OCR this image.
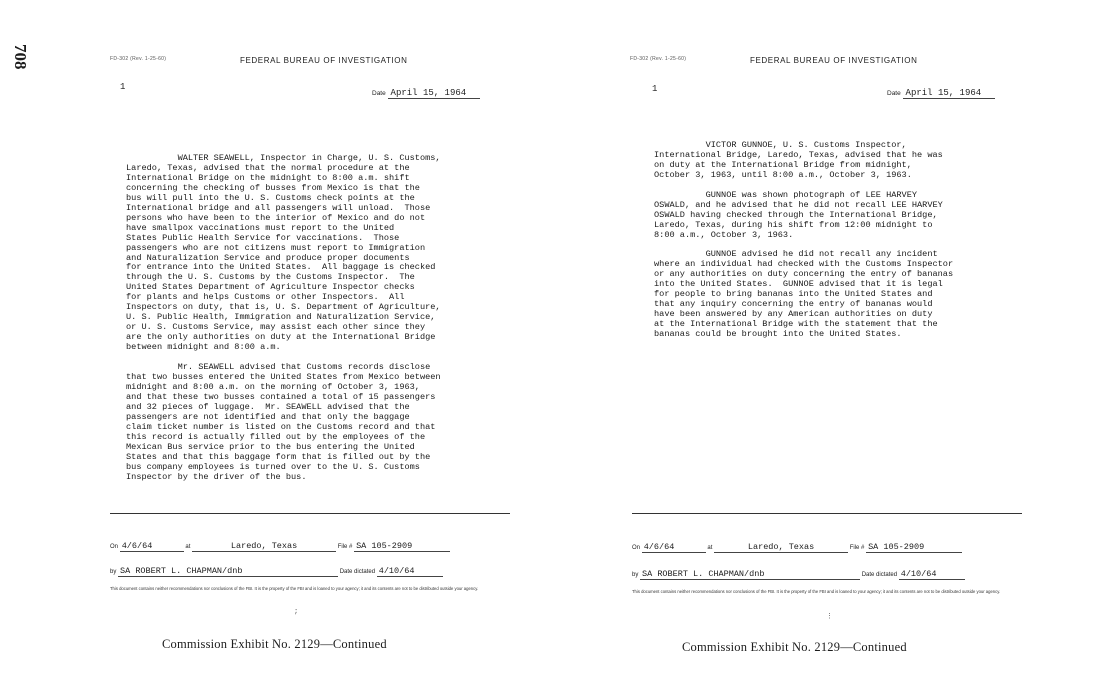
708	FD-302 (Rev. 1-25-60)	FEDERAL BUREAU OF INVESTIGATION
1
Date April 15, 1964
WALTER SEAWELL, Inspector in Charge, U. S. Customs,
Laredo, Texas, advised that the normal procedure at the
International Bridge on the midnight to 8:00 a.m. shift
concerning the checking of busses from Mexico is that the
bus will pull into the U. S. Customs check points at the
International bridge and all passengers will unload.  Those
persons who have been to the interior of Mexico and do not
have smallpox vaccinations must report to the United
States Public Health Service for vaccinations.  Those
passengers who are not citizens must report to Immigration
and Naturalization Service and produce proper documents
for entrance into the United States.  All baggage is checked
through the U. S. Customs by the Customs Inspector.  The
United States Department of Agriculture Inspector checks
for plants and helps Customs or other Inspectors.  All
Inspectors on duty, that is, U. S. Department of Agriculture,
U. S. Public Health, Immigration and Naturalization Service,
or U. S. Customs Service, may assist each other since they
are the only authorities on duty at the International Bridge
between midnight and 8:00 a.m.

Mr. SEAWELL advised that Customs records disclose
that two busses entered the United States from Mexico between
midnight and 8:00 a.m. on the morning of October 3, 1963,
and that these two busses contained a total of 15 passengers
and 32 pieces of luggage.  Mr. SEAWELL advised that the
passengers are not identified and that only the baggage
claim ticket number is listed on the Customs record and that
this record is actually filled out by the employees of the
Mexican Bus service prior to the bus entering the United
States and that this baggage form that is filled out by the
bus company employees is turned over to the U. S. Customs
Inspector by the driver of the bus.
On 4/6/64	at	Laredo, Texas	File # SA 105-2909
by SA ROBERT L. CHAPMAN/dnb	Date dictated 4/10/64
This document contains neither recommendations nor conclusions of the FBI. It is the property of the FBI and is loaned to your agency; it and its contents are not to be distributed outside your agency.
;
Commission Exhibit No. 2129—Continued
FD-302 (Rev. 1-25-60)	FEDERAL BUREAU OF INVESTIGATION
1	Date April 15, 1964
VICTOR GUNNOE, U. S. Customs Inspector,
International Bridge, Laredo, Texas, advised that he was
on duty at the International Bridge from midnight,
October 3, 1963, until 8:00 a.m., October 3, 1963.

GUNNOE was shown photograph of LEE HARVEY
OSWALD, and he advised that he did not recall LEE HARVEY
OSWALD having checked through the International Bridge,
Laredo, Texas, during his shift from 12:00 midnight to
8:00 a.m., October 3, 1963.

GUNNOE advised he did not recall any incident
where an individual had checked with the Customs Inspector
or any authorities on duty concerning the entry of bananas
into the United States.  GUNNOE advised that it is legal
for people to bring bananas into the United States and
that any inquiry concerning the entry of bananas would
have been answered by any American authorities on duty
at the International Bridge with the statement that the
bananas could be brought into the United States.
On 4/6/64	at	Laredo, Texas	File # SA 105-2909
by SA ROBERT L. CHAPMAN/dnb	Date dictated 4/10/64
This document contains neither recommendations nor conclusions of the FBI. It is the property of the FBI and is loaned to your agency; it and its contents are not to be distributed outside your agency.
⋮
Commission Exhibit No. 2129—Continued
